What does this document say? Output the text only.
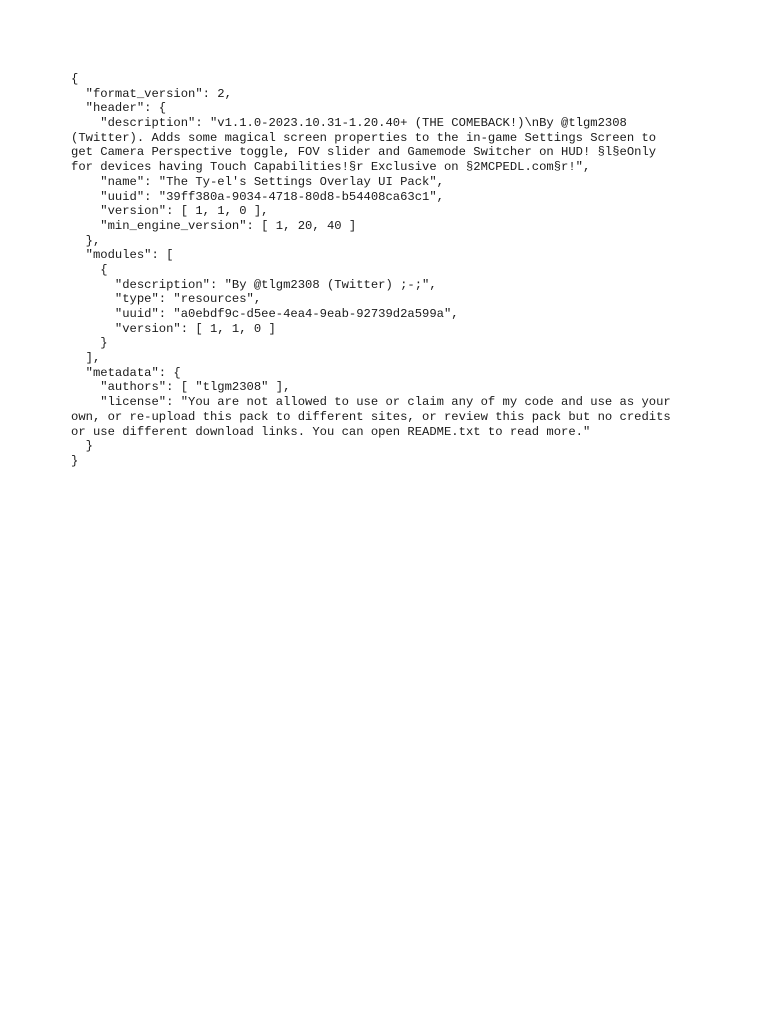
{
"format_version": 2,
"header": {
"description": "v1.1.0-2023.10.31-1.20.40+ (THE COMEBACK!)\nBy @tlgm2308
(Twitter). Adds some magical screen properties to the in-game Settings Screen to
get Camera Perspective toggle, FOV slider and Gamemode Switcher on HUD! §l§eOnly
for devices having Touch Capabilities!§r Exclusive on §2MCPEDL.com§r!",
"name": "The Ty-el's Settings Overlay UI Pack",
"uuid": "39ff380a-9034-4718-80d8-b54408ca63c1",
"version": [ 1, 1, 0 ],
"min_engine_version": [ 1, 20, 40 ]
},
"modules": [
{
"description": "By @tlgm2308 (Twitter) ;-;",
"type": "resources",
"uuid": "a0ebdf9c-d5ee-4ea4-9eab-92739d2a599a",
"version": [ 1, 1, 0 ]
}
],
"metadata": {
"authors": [ "tlgm2308" ],
"license": "You are not allowed to use or claim any of my code and use as your
own, or re-upload this pack to different sites, or review this pack but no credits
or use different download links. You can open README.txt to read more."
}
}
